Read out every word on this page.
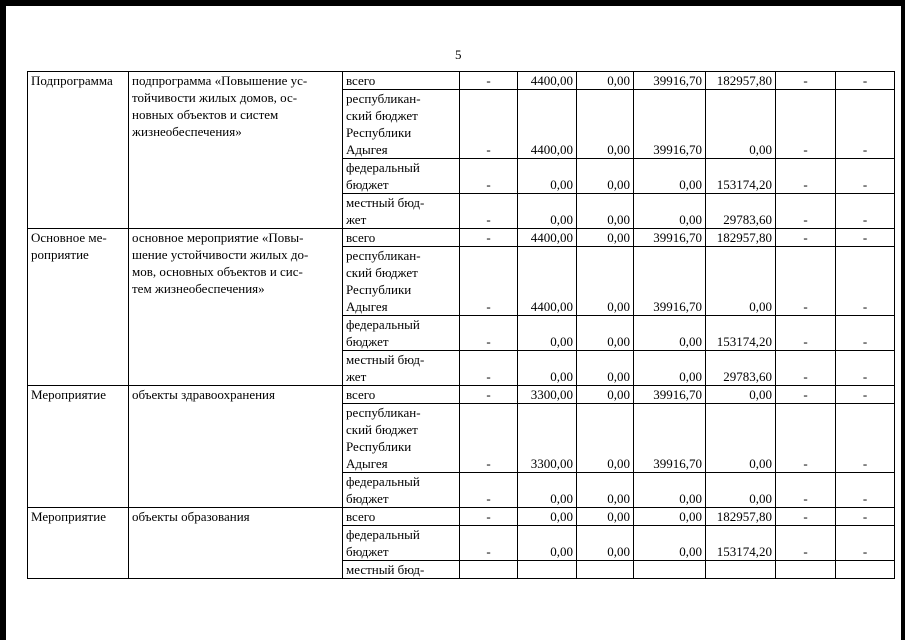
5
Подпрограмма	подпрограмма «Повышение ус-
тойчивости жилых домов, ос-
новных объектов и систем
жизнеобеспечения»	всего	-	4400,00	0,00	39916,70	182957,80	-	-
		республикан-
ский бюджет
Республики
Адыгея	-	4400,00	0,00	39916,70	0,00	-	-
		федеральный
бюджет	-	0,00	0,00	0,00	153174,20	-	-
		местный бюд-
жет	-	0,00	0,00	0,00	29783,60	-	-
Основное ме-
роприятие	основное мероприятие «Повы-
шение устойчивости жилых до-
мов, основных объектов и сис-
тем жизнеобеспечения»	всего	-	4400,00	0,00	39916,70	182957,80	-	-
		республикан-
ский бюджет
Республики
Адыгея	-	4400,00	0,00	39916,70	0,00	-	-
		федеральный
бюджет	-	0,00	0,00	0,00	153174,20	-	-
		местный бюд-
жет	-	0,00	0,00	0,00	29783,60	-	-
Мероприятие	объекты здравоохранения	всего	-	3300,00	0,00	39916,70	0,00	-	-
		республикан-
ский бюджет
Республики
Адыгея	-	3300,00	0,00	39916,70	0,00	-	-
		федеральный
бюджет	-	0,00	0,00	0,00	0,00	-	-
Мероприятие	объекты образования	всего	-	0,00	0,00	0,00	182957,80	-	-
		федеральный
бюджет	-	0,00	0,00	0,00	153174,20	-	-
		местный бюд-							
